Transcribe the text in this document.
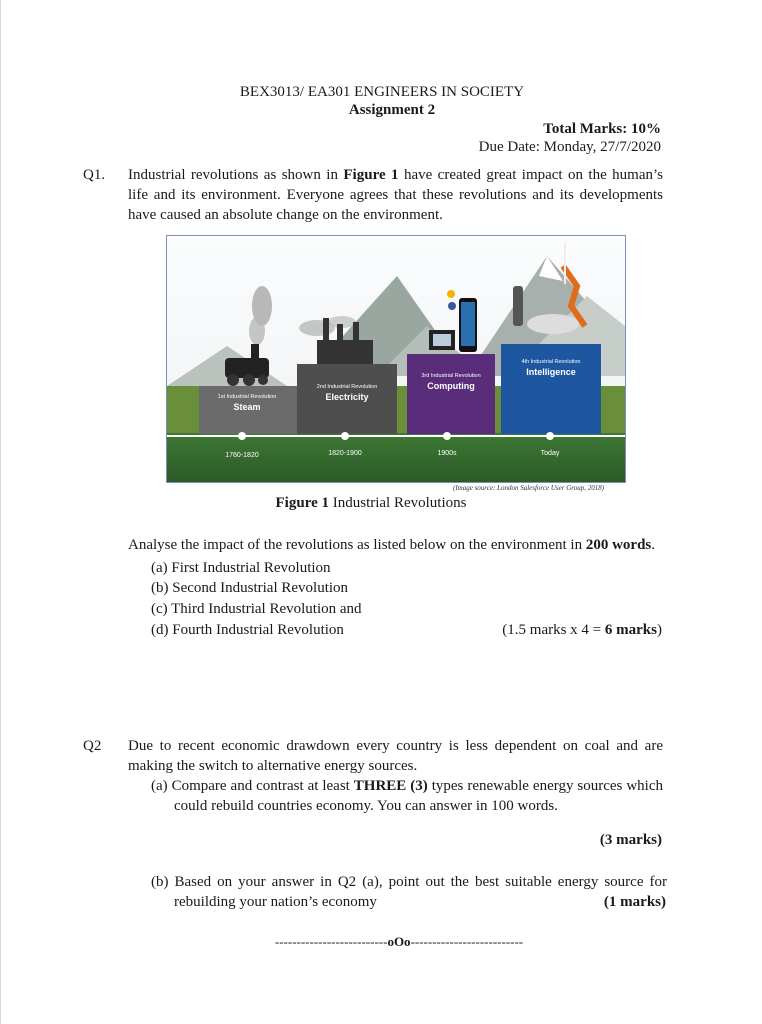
BEX3013/ EA301 ENGINEERS IN SOCIETY
Assignment 2
Total Marks: 10%
Due Date: Monday, 27/7/2020
Q1. Industrial revolutions as shown in Figure 1 have created great impact on the human’s life and its environment. Everyone agrees that these revolutions and its developments have caused an absolute change on the environment.
1st Industrial Revolution
Steam
2nd Industrial Revolution
Electricity
3rd Industrial Revolution
Computing
4th Industrial Revolution
Intelligence
1760-1820	1820-1900	1900s	Today
(Image source: London Salesforce User Group, 2018)
Figure 1 Industrial Revolutions
Analyse the impact of the revolutions as listed below on the environment in 200 words.
(a) First Industrial Revolution
(b) Second Industrial Revolution
(c) Third Industrial Revolution and
(d) Fourth Industrial Revolution	(1.5 marks x 4 = 6 marks)
Q2 Due to recent economic drawdown every country is less dependent on coal and are making the switch to alternative energy sources.
(a) Compare and contrast at least THREE (3) types renewable energy sources which could rebuild countries economy. You can answer in 100 words.
(3 marks)
(b) Based on your answer in Q2 (a), point out the best suitable energy source for rebuilding your nation’s economy	(1 marks)
--------------------------oOo--------------------------
